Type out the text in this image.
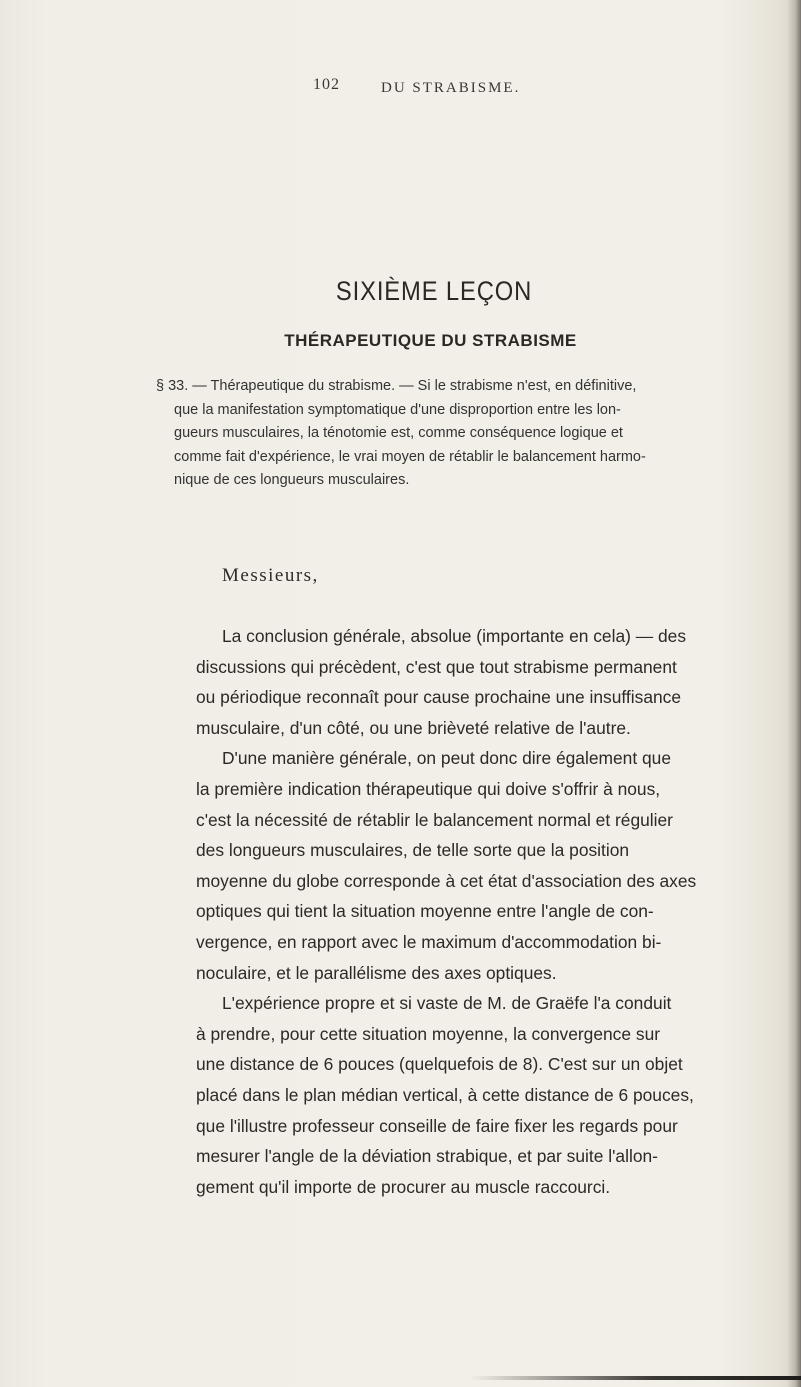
102	DU STRABISME.
SIXIÈME LEÇON
THÉRAPEUTIQUE DU STRABISME
§ 33. — Thérapeutique du strabisme. — Si le strabisme n'est, en définitive,
que la manifestation symptomatique d'une disproportion entre les lon-
gueurs musculaires, la ténotomie est, comme conséquence logique et
comme fait d'expérience, le vrai moyen de rétablir le balancement harmo-
nique de ces longueurs musculaires.
Messieurs,
La conclusion générale, absolue (importante en cela) — des
discussions qui précèdent, c'est que tout strabisme permanent
ou périodique reconnaît pour cause prochaine une insuffisance
musculaire, d'un côté, ou une brièveté relative de l'autre.
D'une manière générale, on peut donc dire également que
la première indication thérapeutique qui doive s'offrir à nous,
c'est la nécessité de rétablir le balancement normal et régulier
des longueurs musculaires, de telle sorte que la position
moyenne du globe corresponde à cet état d'association des axes
optiques qui tient la situation moyenne entre l'angle de con-
vergence, en rapport avec le maximum d'accommodation bi-
noculaire, et le parallélisme des axes optiques.
L'expérience propre et si vaste de M. de Graëfe l'a conduit
à prendre, pour cette situation moyenne, la convergence sur
une distance de 6 pouces (quelquefois de 8). C'est sur un objet
placé dans le plan médian vertical, à cette distance de 6 pouces,
que l'illustre professeur conseille de faire fixer les regards pour
mesurer l'angle de la déviation strabique, et par suite l'allon-
gement qu'il importe de procurer au muscle raccourci.
